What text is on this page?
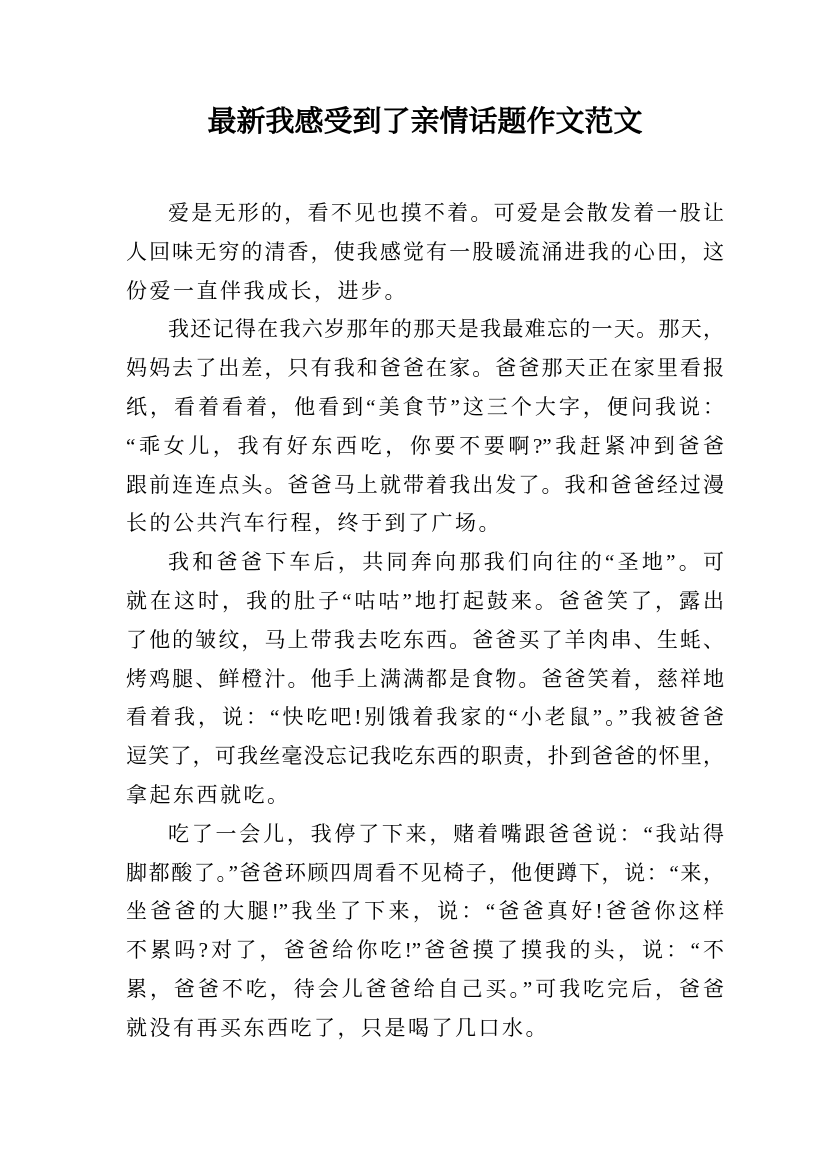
最新我感受到了亲情话题作文范文
爱是无形的，看不见也摸不着。可爱是会散发着一股让
人回味无穷的清香，使我感觉有一股暖流涌进我的心田，这
份爱一直伴我成长，进步。
我还记得在我六岁那年的那天是我最难忘的一天。那天，
妈妈去了出差，只有我和爸爸在家。爸爸那天正在家里看报
纸，看着看着，他看到“美食节”这三个大字，便问我说：
“乖女儿，我有好东西吃，你要不要啊?”我赶紧冲到爸爸
跟前连连点头。爸爸马上就带着我出发了。我和爸爸经过漫
长的公共汽车行程，终于到了广场。
我和爸爸下车后，共同奔向那我们向往的“圣地”。可
就在这时，我的肚子“咕咕”地打起鼓来。爸爸笑了，露出
了他的皱纹，马上带我去吃东西。爸爸买了羊肉串、生蚝、
烤鸡腿、鲜橙汁。他手上满满都是食物。爸爸笑着，慈祥地
看着我，说：“快吃吧!别饿着我家的“小老鼠”。”我被爸爸
逗笑了，可我丝毫没忘记我吃东西的职责，扑到爸爸的怀里，
拿起东西就吃。
吃了一会儿，我停了下来，赌着嘴跟爸爸说：“我站得
脚都酸了。”爸爸环顾四周看不见椅子，他便蹲下，说：“来，
坐爸爸的大腿!”我坐了下来，说：“爸爸真好!爸爸你这样
不累吗?对了，爸爸给你吃!”爸爸摸了摸我的头，说：“不
累，爸爸不吃，待会儿爸爸给自己买。”可我吃完后，爸爸
就没有再买东西吃了，只是喝了几口水。
